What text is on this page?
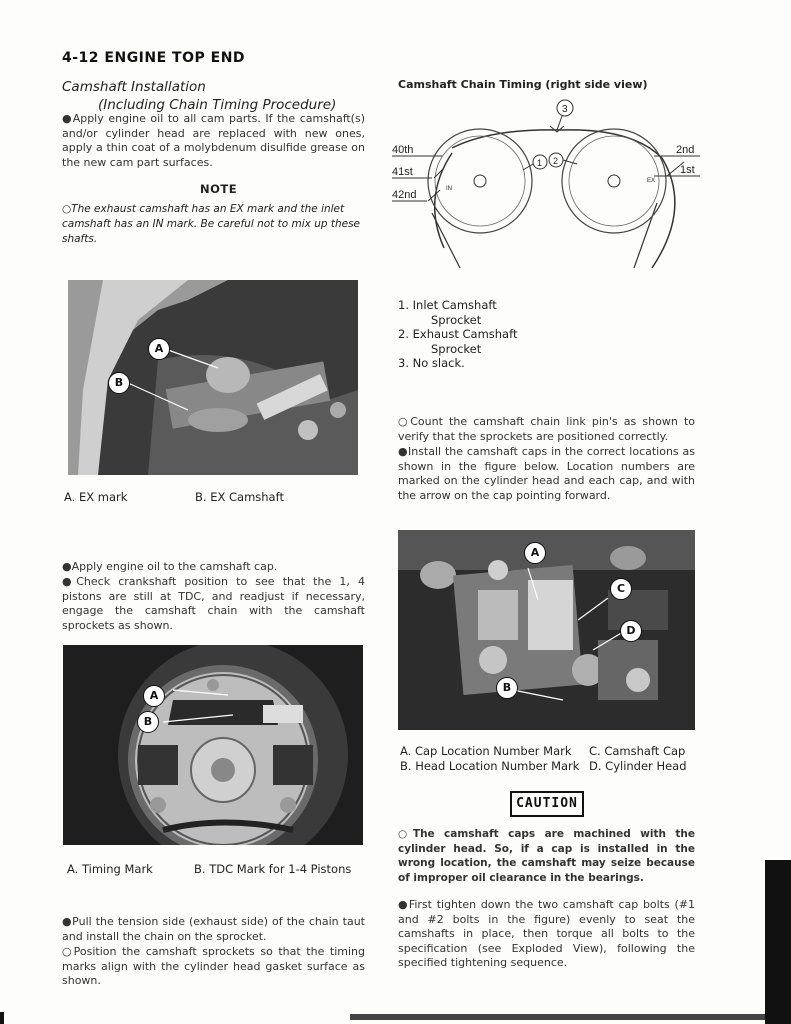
4-12 ENGINE TOP END
Camshaft Installation
(Including Chain Timing Procedure)
●Apply engine oil to all cam parts. If the camshaft(s) and/or cylinder head are replaced with new ones, apply a thin coat of a molybdenum disulfide grease on the new cam part surfaces.
NOTE
○The exhaust camshaft has an EX mark and the inlet camshaft has an IN mark. Be careful not to mix up these shafts.
A
B
A. EX mark	B. EX Camshaft
●Apply engine oil to the camshaft cap.
●Check crankshaft position to see that the 1, 4 pistons are still at TDC, and readjust if necessary, engage the camshaft chain with the camshaft sprockets as shown.
A
B
A. Timing Mark	B. TDC Mark for 1-4 Pistons
●Pull the tension side (exhaust side) of the chain taut and install the chain on the sprocket.
○Position the camshaft sprockets so that the timing marks align with the cylinder head gasket surface as shown.
Camshaft Chain Timing (right side view)
40th
41st
42nd
2nd
1st
3
1 2
IN
EX
1. Inlet Camshaft
Sprocket
2. Exhaust Camshaft
Sprocket
3. No slack.
○Count the camshaft chain link pin's as shown to verify that the sprockets are positioned correctly.
●Install the camshaft caps in the correct locations as shown in the figure below. Location numbers are marked on the cylinder head and each cap, and with the arrow on the cap pointing forward.
A
C
D
B
A. Cap Location Number Mark
B. Head Location Number Mark
C. Camshaft Cap
D. Cylinder Head
CAUTION
○The camshaft caps are machined with the cylinder head. So, if a cap is installed in the wrong location, the camshaft may seize because of improper oil clearance in the bearings.
●First tighten down the two camshaft cap bolts (#1 and #2 bolts in the figure) evenly to seat the camshafts in place, then torque all bolts to the specification (see Exploded View), following the specified tightening sequence.
